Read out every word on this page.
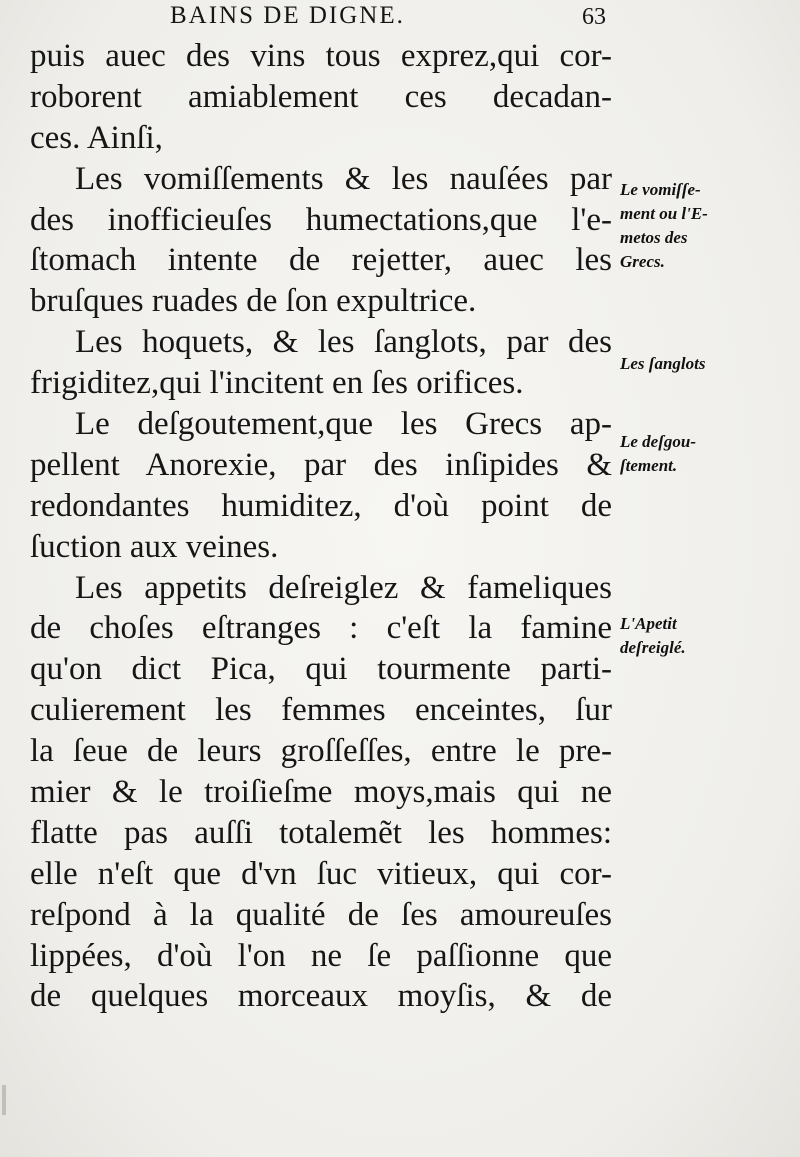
BAINS DE DIGNE.	63
puis auec des vins tous exprez,qui cor-
roborent amiablement ces decadan-
ces. Ainſi,
Les vomiſſements & les nauſées par
des inofficieuſes humectations,que l'e-
ſtomach intente de rejetter, auec les
bruſques ruades de ſon expultrice.
Les hoquets, & les ſanglots, par des
frigiditez,qui l'incitent en ſes orifices.
Le deſgoutement,que les Grecs ap-
pellent Anorexie, par des inſipides &
redondantes humiditez, d'où point de
ſuction aux veines.
Les appetits deſreiglez & fameliques
de choſes eſtranges : c'eſt la famine
qu'on dict Pica, qui tourmente parti-
culierement les femmes enceintes, ſur
la ſeue de leurs groſſeſſes, entre le pre-
mier & le troiſieſme moys,mais qui ne
flatte pas auſſi totalemẽt les hommes:
elle n'eſt que d'vn ſuc vitieux, qui cor-
reſpond à la qualité de ſes amoureuſes
lippées, d'où l'on ne ſe paſſionne que
de quelques morceaux moyſis, & de
Le vomiſſe-
ment ou l'E-
metos des
Grecs.
Les ſanglots
Le deſgou-
ſtement.
L'Apetit
deſreiglé.
